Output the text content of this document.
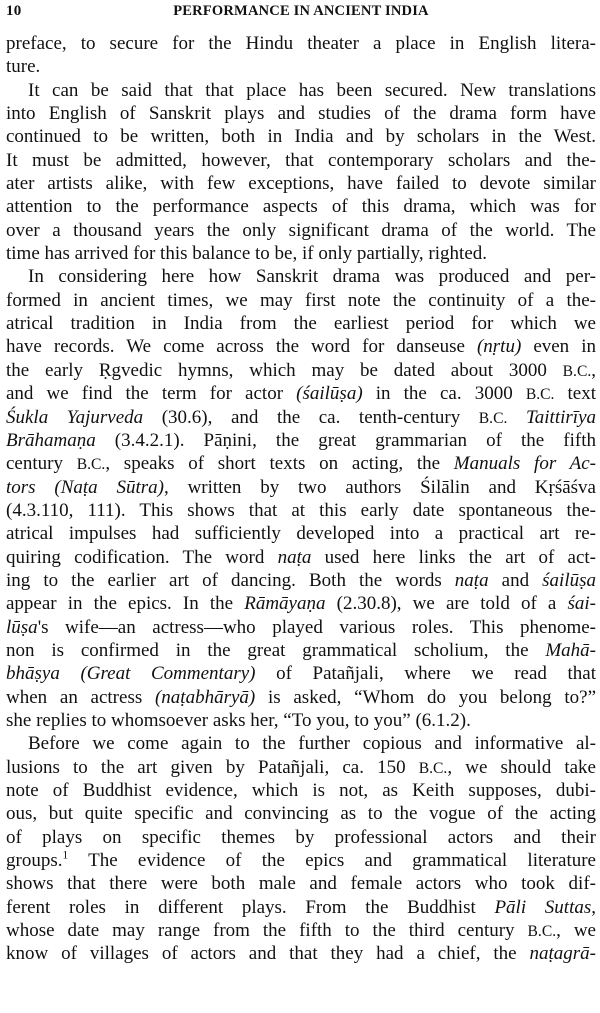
10	PERFORMANCE IN ANCIENT INDIA
preface, to secure for the Hindu theater a place in English litera-
ture.
It can be said that that place has been secured. New translations
into English of Sanskrit plays and studies of the drama form have
continued to be written, both in India and by scholars in the West.
It must be admitted, however, that contemporary scholars and the-
ater artists alike, with few exceptions, have failed to devote similar
attention to the performance aspects of this drama, which was for
over a thousand years the only significant drama of the world. The
time has arrived for this balance to be, if only partially, righted.
In considering here how Sanskrit drama was produced and per-
formed in ancient times, we may first note the continuity of a the-
atrical tradition in India from the earliest period for which we
have records. We come across the word for danseuse (nṛtu) even in
the early Ṛgvedic hymns, which may be dated about 3000 B.C.,
and we find the term for actor (śailūṣa) in the ca. 3000 B.C. text
Śukla Yajurveda (30.6), and the ca. tenth-century B.C. Taittirīya
Brāhamaṇa (3.4.2.1). Pāṇini, the great grammarian of the fifth
century B.C., speaks of short texts on acting, the Manuals for Ac-
tors (Naṭa Sūtra), written by two authors Śilālin and Kṛśāśva
(4.3.110, 111). This shows that at this early date spontaneous the-
atrical impulses had sufficiently developed into a practical art re-
quiring codification. The word naṭa used here links the art of act-
ing to the earlier art of dancing. Both the words naṭa and śailūṣa
appear in the epics. In the Rāmāyaṇa (2.30.8), we are told of a śai-
lūṣa's wife—an actress—who played various roles. This phenome-
non is confirmed in the great grammatical scholium, the Mahā-
bhāṣya (Great Commentary) of Patañjali, where we read that
when an actress (naṭabhāryā) is asked, “Whom do you belong to?”
she replies to whomsoever asks her, “To you, to you” (6.1.2).
Before we come again to the further copious and informative al-
lusions to the art given by Patañjali, ca. 150 B.C., we should take
note of Buddhist evidence, which is not, as Keith supposes, dubi-
ous, but quite specific and convincing as to the vogue of the acting
of plays on specific themes by professional actors and their
groups.$^1$ The evidence of the epics and grammatical literature
shows that there were both male and female actors who took dif-
ferent roles in different plays. From the Buddhist Pāli Suttas,
whose date may range from the fifth to the third century B.C., we
know of villages of actors and that they had a chief, the naṭagrā-
